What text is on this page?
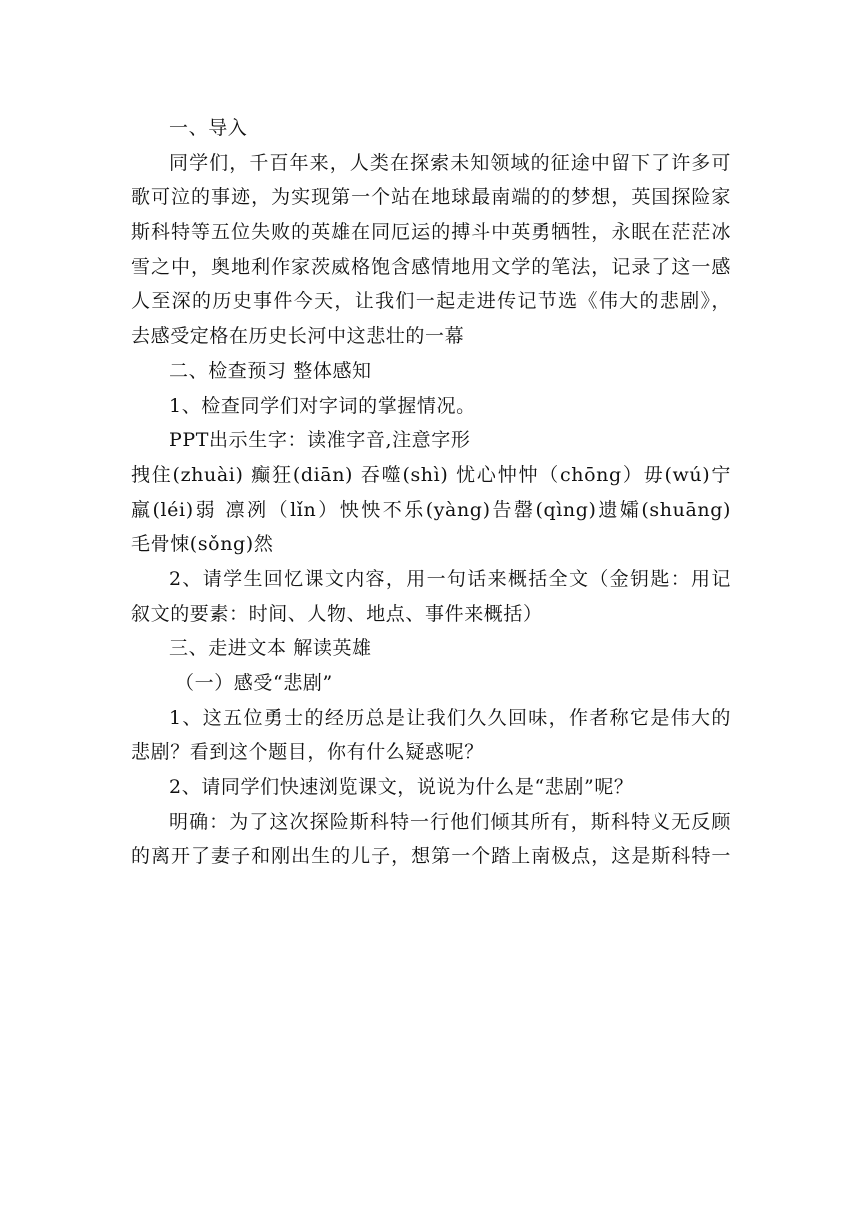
一、导入
同学们，千百年来，人类在探索未知领域的征途中留下了许多可
歌可泣的事迹，为实现第一个站在地球最南端的的梦想，英国探险家
斯科特等五位失败的英雄在同厄运的搏斗中英勇牺牲，永眠在茫茫冰
雪之中，奥地利作家茨威格饱含感情地用文学的笔法，记录了这一感
人至深的历史事件今天，让我们一起走进传记节选《伟大的悲剧》，
去感受定格在历史长河中这悲壮的一幕
二、检查预习 整体感知
1、检查同学们对字词的掌握情况。
PPT出示生字：读准字音,注意字形
拽住(zhuài) 癫狂(diān) 吞噬(shì) 忧心忡忡（chōng）毋(wú)宁
羸(léi)弱 凛冽（lǐn）怏怏不乐(yàng)告罄(qìng)遗孀(shuāng)
毛骨悚(sǒng)然
2、请学生回忆课文内容，用一句话来概括全文（金钥匙：用记
叙文的要素：时间、人物、地点、事件来概括）
三、走进文本 解读英雄
（一）感受“悲剧”
1、这五位勇士的经历总是让我们久久回味，作者称它是伟大的
悲剧？看到这个题目，你有什么疑惑呢？
2、请同学们快速浏览课文，说说为什么是“悲剧”呢？
明确：为了这次探险斯科特一行他们倾其所有，斯科特义无反顾
的离开了妻子和刚出生的儿子，想第一个踏上南极点，这是斯科特一
